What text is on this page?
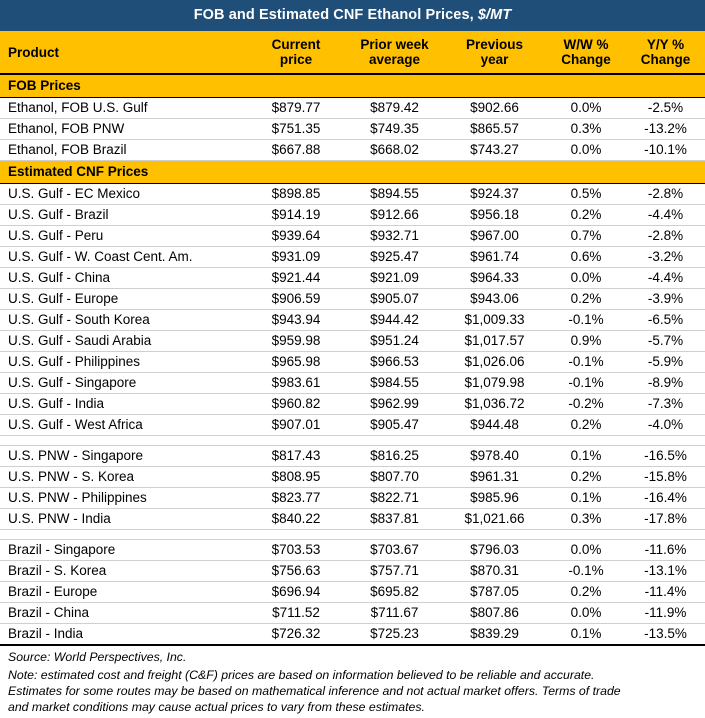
FOB and Estimated CNF Ethanol Prices, $/MT					
Product	Current price	Prior week average	Previous year	W/W % Change	Y/Y % Change
FOB Prices					
Ethanol, FOB U.S. Gulf	$879.77	$879.42	$902.66	0.0%	-2.5%
Ethanol, FOB PNW	$751.35	$749.35	$865.57	0.3%	-13.2%
Ethanol, FOB Brazil	$667.88	$668.02	$743.27	0.0%	-10.1%
Estimated CNF Prices					
U.S. Gulf - EC Mexico	$898.85	$894.55	$924.37	0.5%	-2.8%
U.S. Gulf - Brazil	$914.19	$912.66	$956.18	0.2%	-4.4%
U.S. Gulf - Peru	$939.64	$932.71	$967.00	0.7%	-2.8%
U.S. Gulf - W. Coast Cent. Am.	$931.09	$925.47	$961.74	0.6%	-3.2%
U.S. Gulf - China	$921.44	$921.09	$964.33	0.0%	-4.4%
U.S. Gulf - Europe	$906.59	$905.07	$943.06	0.2%	-3.9%
U.S. Gulf - South Korea	$943.94	$944.42	$1,009.33	-0.1%	-6.5%
U.S. Gulf - Saudi Arabia	$959.98	$951.24	$1,017.57	0.9%	-5.7%
U.S. Gulf - Philippines	$965.98	$966.53	$1,026.06	-0.1%	-5.9%
U.S. Gulf - Singapore	$983.61	$984.55	$1,079.98	-0.1%	-8.9%
U.S. Gulf - India	$960.82	$962.99	$1,036.72	-0.2%	-7.3%
U.S. Gulf - West Africa	$907.01	$905.47	$944.48	0.2%	-4.0%

U.S. PNW - Singapore	$817.43	$816.25	$978.40	0.1%	-16.5%
U.S. PNW - S. Korea	$808.95	$807.70	$961.31	0.2%	-15.8%
U.S. PNW - Philippines	$823.77	$822.71	$985.96	0.1%	-16.4%
U.S. PNW - India	$840.22	$837.81	$1,021.66	0.3%	-17.8%

Brazil - Singapore	$703.53	$703.67	$796.03	0.0%	-11.6%
Brazil - S. Korea	$756.63	$757.71	$870.31	-0.1%	-13.1%
Brazil - Europe	$696.94	$695.82	$787.05	0.2%	-11.4%
Brazil - China	$711.52	$711.67	$807.86	0.0%	-11.9%
Brazil - India	$726.32	$725.23	$839.29	0.1%	-13.5%
Source: World Perspectives, Inc.
Note: estimated cost and freight (C&F) prices are based on information believed to be reliable and accurate.
Estimates for some routes may be based on mathematical inference and not actual market offers. Terms of trade
and market conditions may cause actual prices to vary from these estimates.
